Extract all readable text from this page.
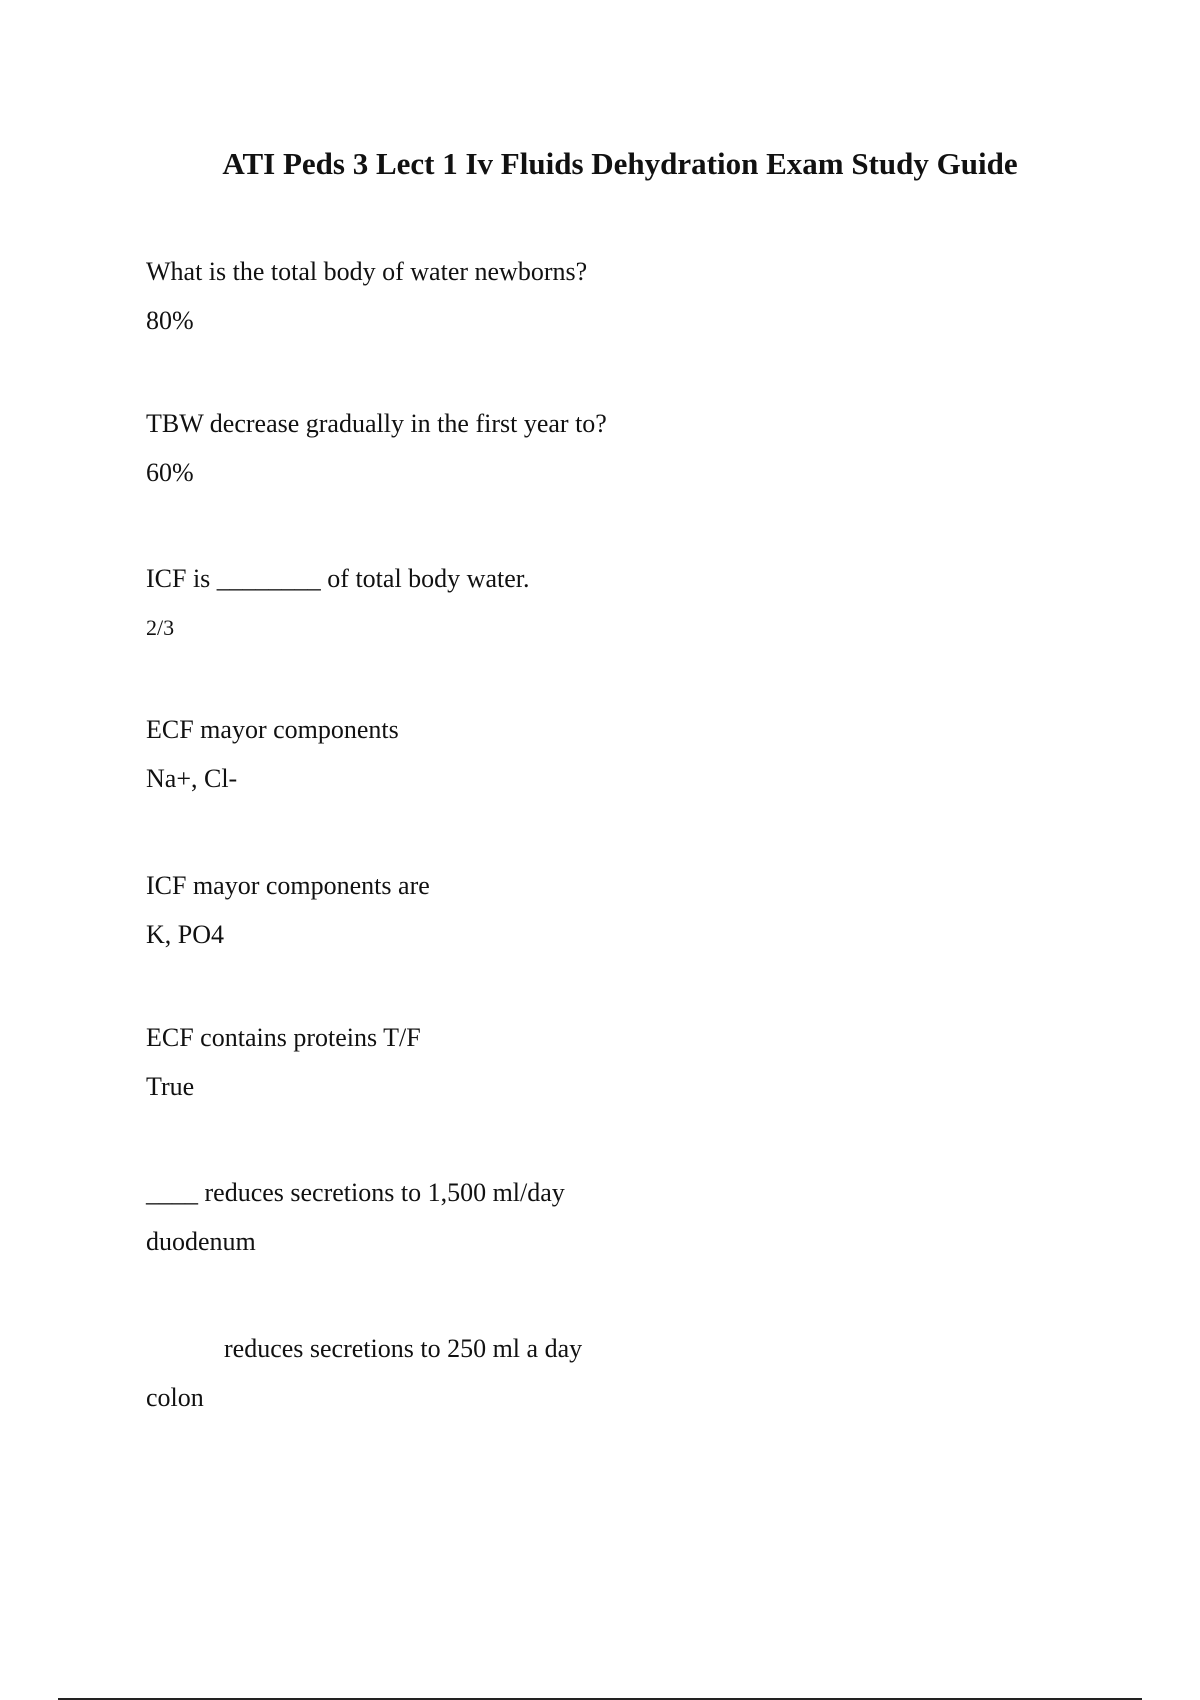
ATI Peds 3 Lect 1 Iv Fluids Dehydration Exam Study Guide
What is the total body of water newborns?
80%
TBW decrease gradually in the first year to?
60%
ICF is ________ of total body water.
2/3
ECF mayor components
Na+, Cl-
ICF mayor components are
K, PO4
ECF contains proteins T/F
True
____ reduces secretions to 1,500 ml/day
duodenum
reduces secretions to 250 ml a day
colon
